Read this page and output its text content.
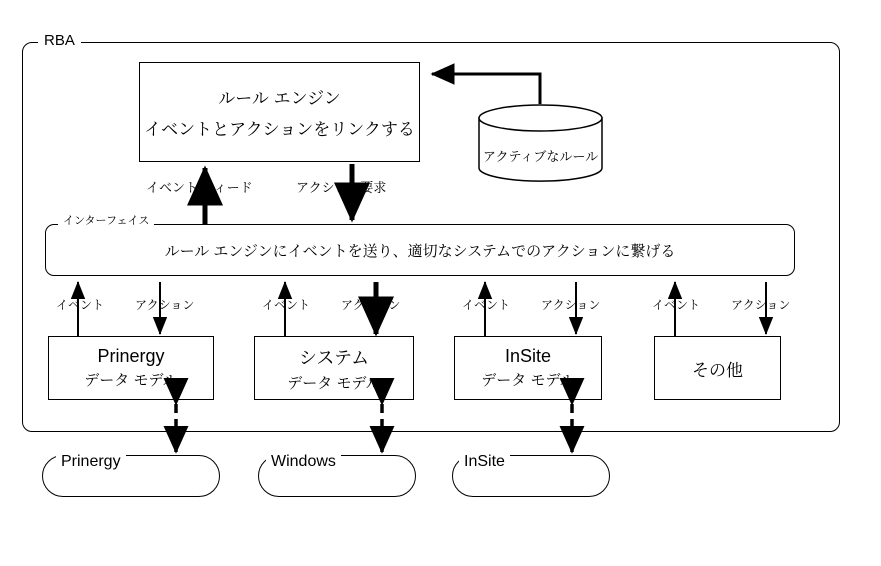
RBA
ルール エンジン
イベントとアクションをリンクする
アクティブなルール
ルール エンジンにイベントを送り、適切なシステムでのアクションに繋げる
インターフェイス
イベント フィード	アクション要求
イベント	アクション	イベント	アクション	イベント	アクション	イベント	アクション
Prinergy
データ モデル
システム
データ モデル
InSite
データ モデル
その他
Prinergy	Windows	InSite
